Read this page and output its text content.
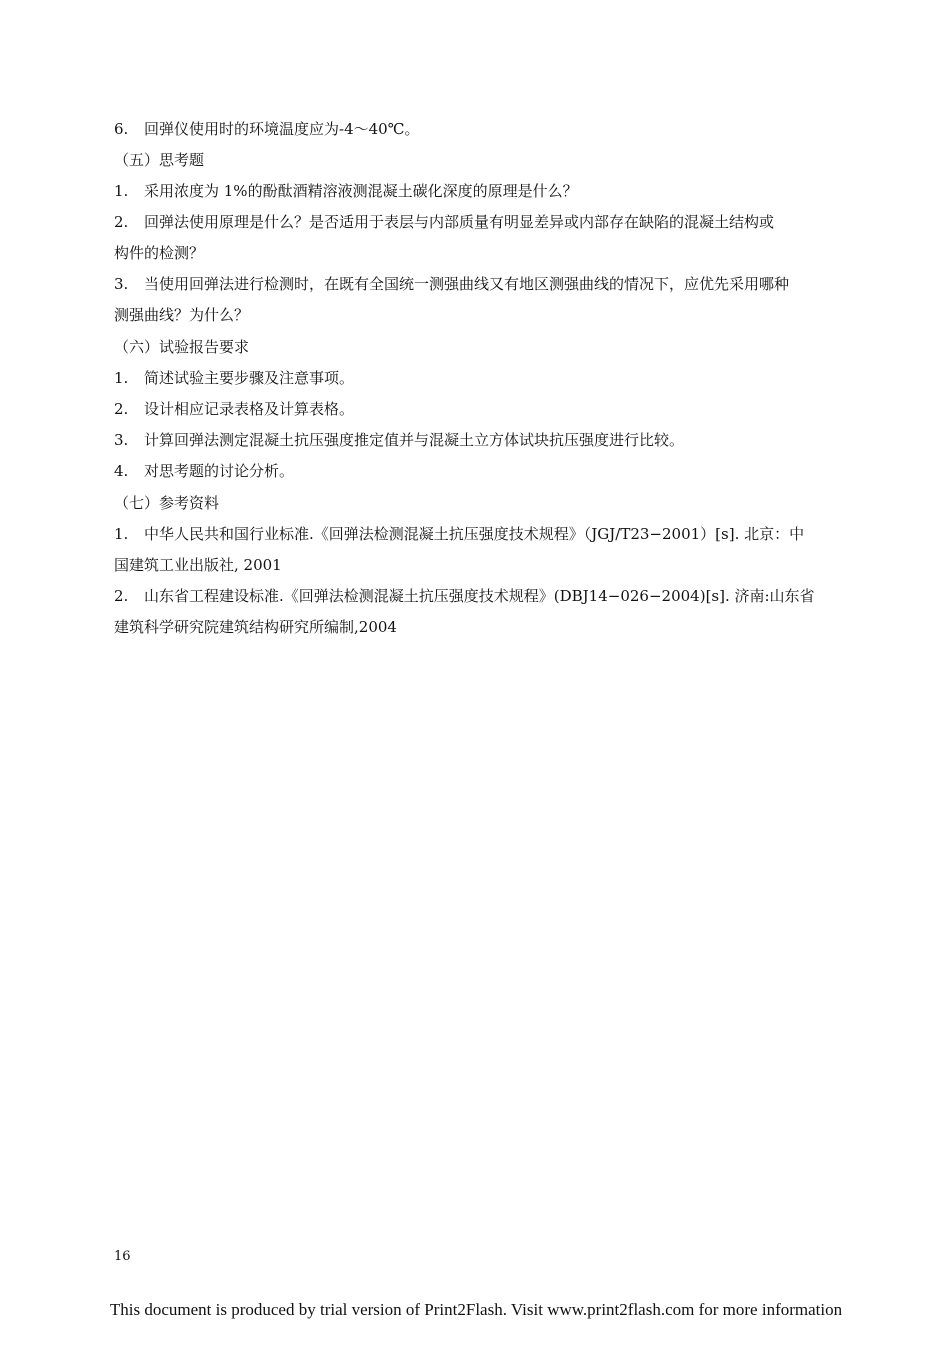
6. 回弹仪使用时的环境温度应为-4～40℃。
（五）思考题
1. 采用浓度为 1%的酚酞酒精溶液测混凝土碳化深度的原理是什么？
2. 回弹法使用原理是什么？是否适用于表层与内部质量有明显差异或内部存在缺陷的混凝土结构或
构件的检测？
3. 当使用回弹法进行检测时，在既有全国统一测强曲线又有地区测强曲线的情况下，应优先采用哪种
测强曲线？为什么？
（六）试验报告要求
1. 简述试验主要步骤及注意事项。
2. 设计相应记录表格及计算表格。
3. 计算回弹法测定混凝土抗压强度推定值并与混凝土立方体试块抗压强度进行比较。
4. 对思考题的讨论分析。
（七）参考资料
1. 中华人民共和国行业标准.《回弹法检测混凝土抗压强度技术规程》（JGJ/T23−2001）[s]. 北京：中
国建筑工业出版社, 2001
2. 山东省工程建设标准.《回弹法检测混凝土抗压强度技术规程》(DBJ14−026−2004)[s]. 济南:山东省
建筑科学研究院建筑结构研究所编制,2004
16
This document is produced by trial version of Print2Flash. Visit www.print2flash.com for more information
